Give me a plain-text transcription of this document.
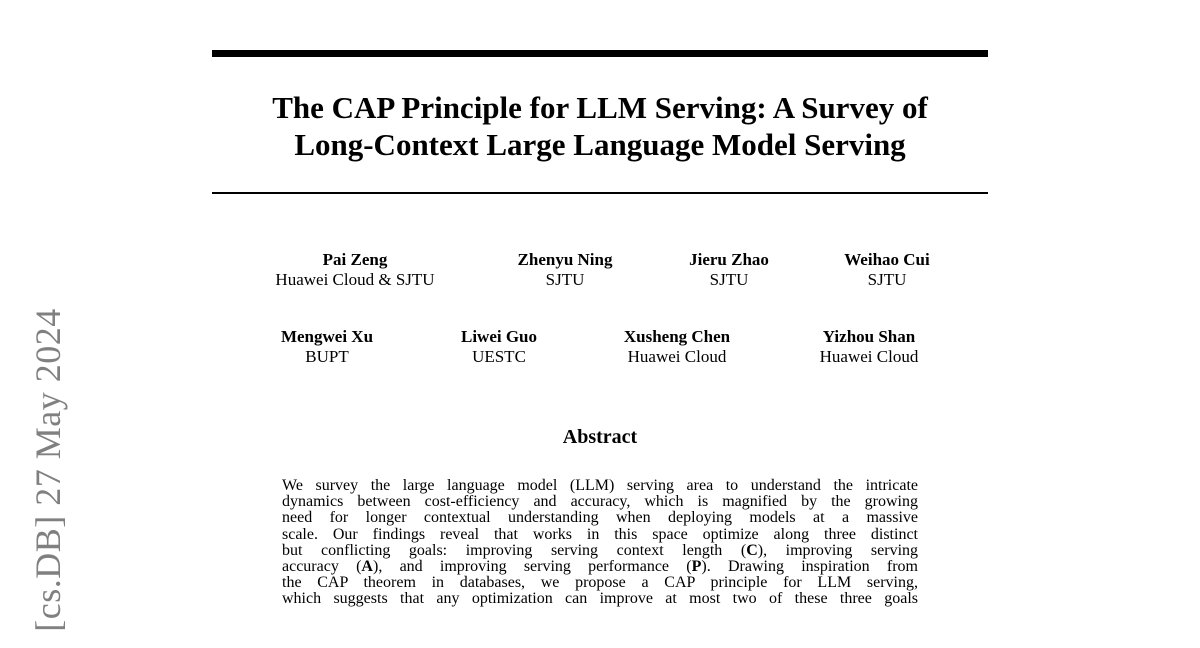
[cs.DB] 27 May 2024
The CAP Principle for LLM Serving: A Survey of
Long-Context Large Language Model Serving
Pai Zeng
Huawei Cloud & SJTU
Zhenyu Ning
SJTU
Jieru Zhao
SJTU
Weihao Cui
SJTU
Mengwei Xu
BUPT
Liwei Guo
UESTC
Xusheng Chen
Huawei Cloud
Yizhou Shan
Huawei Cloud
Abstract
We survey the large language model (LLM) serving area to understand the intricate
dynamics between cost-efficiency and accuracy, which is magnified by the growing
need for longer contextual understanding when deploying models at a massive
scale. Our findings reveal that works in this space optimize along three distinct
but conflicting goals: improving serving context length (C), improving serving
accuracy (A), and improving serving performance (P). Drawing inspiration from
the CAP theorem in databases, we propose a CAP principle for LLM serving,
which suggests that any optimization can improve at most two of these three goals
